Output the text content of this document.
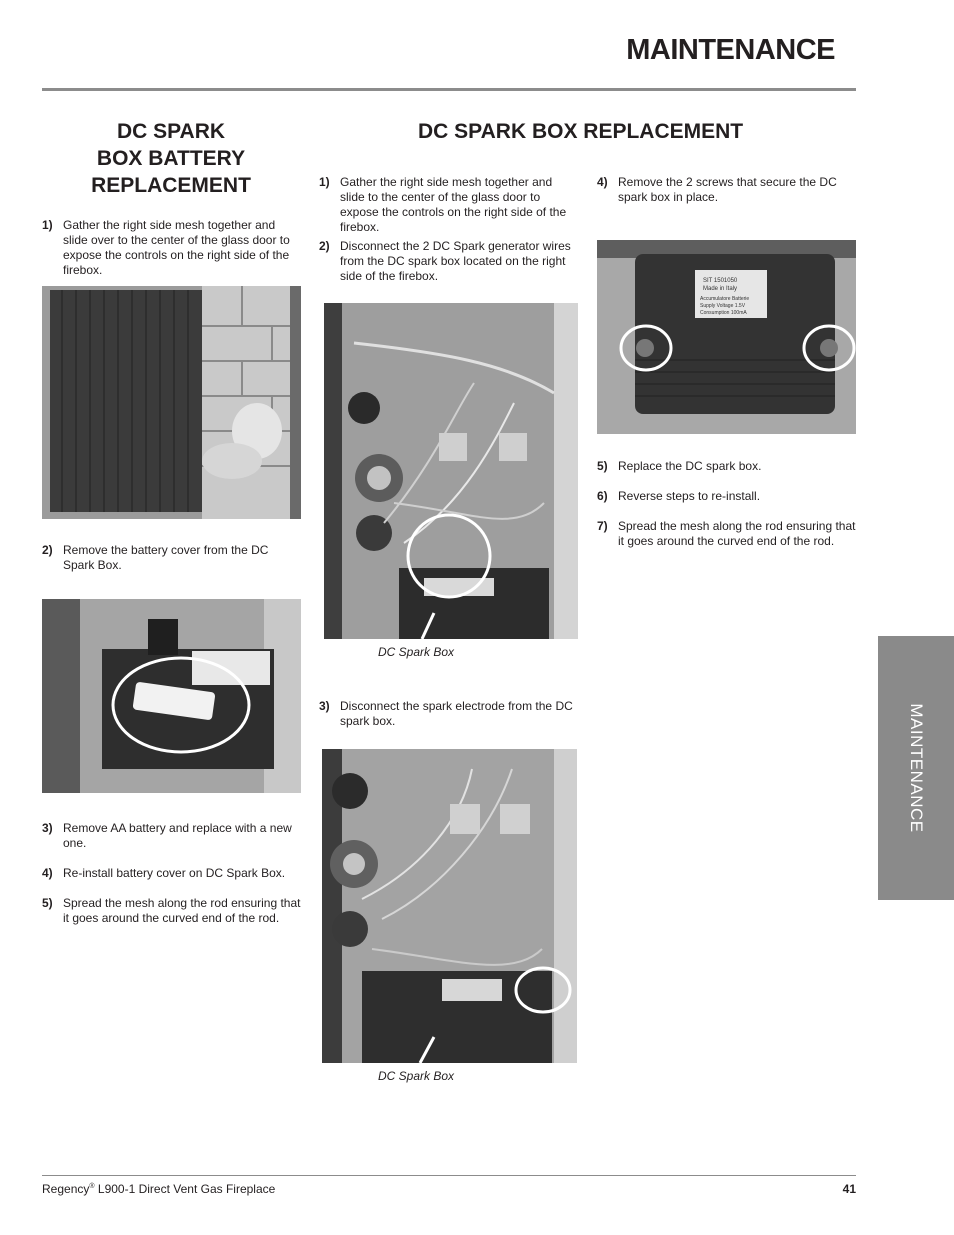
MAINTENANCE
DC SPARK
BOX BATTERY
REPLACEMENT
1) Gather the right side mesh together and slide over to the center of the glass door to expose the controls on the right side of the firebox.
2) Remove the battery cover from the DC Spark Box.
3) Remove AA battery and replace with a new one.
4) Re-install battery cover on DC Spark Box.
5) Spread the mesh along the rod ensuring that it goes around the curved end of the rod.
DC SPARK BOX REPLACEMENT
1) Gather the right side mesh together and slide to the center of the glass door to expose the controls on the right side of the firebox.
2) Disconnect the 2 DC Spark generator wires from the DC spark box located on the right side of the firebox.
DC Spark Box
3) Disconnect the spark electrode from the DC spark box.
DC Spark Box
4) Remove the 2 screws that secure the DC spark box in place.
SIT 1501050
Made in Italy
Accumulatore Batterie
Supply Voltage 1.5V
Consumption 100mA
5) Replace the DC spark box.
6) Reverse steps to re-install.
7) Spread the mesh along the rod ensuring that it goes around the curved end of the rod.
MAINTENANCE
Regency® L900-1 Direct Vent Gas Fireplace	41
